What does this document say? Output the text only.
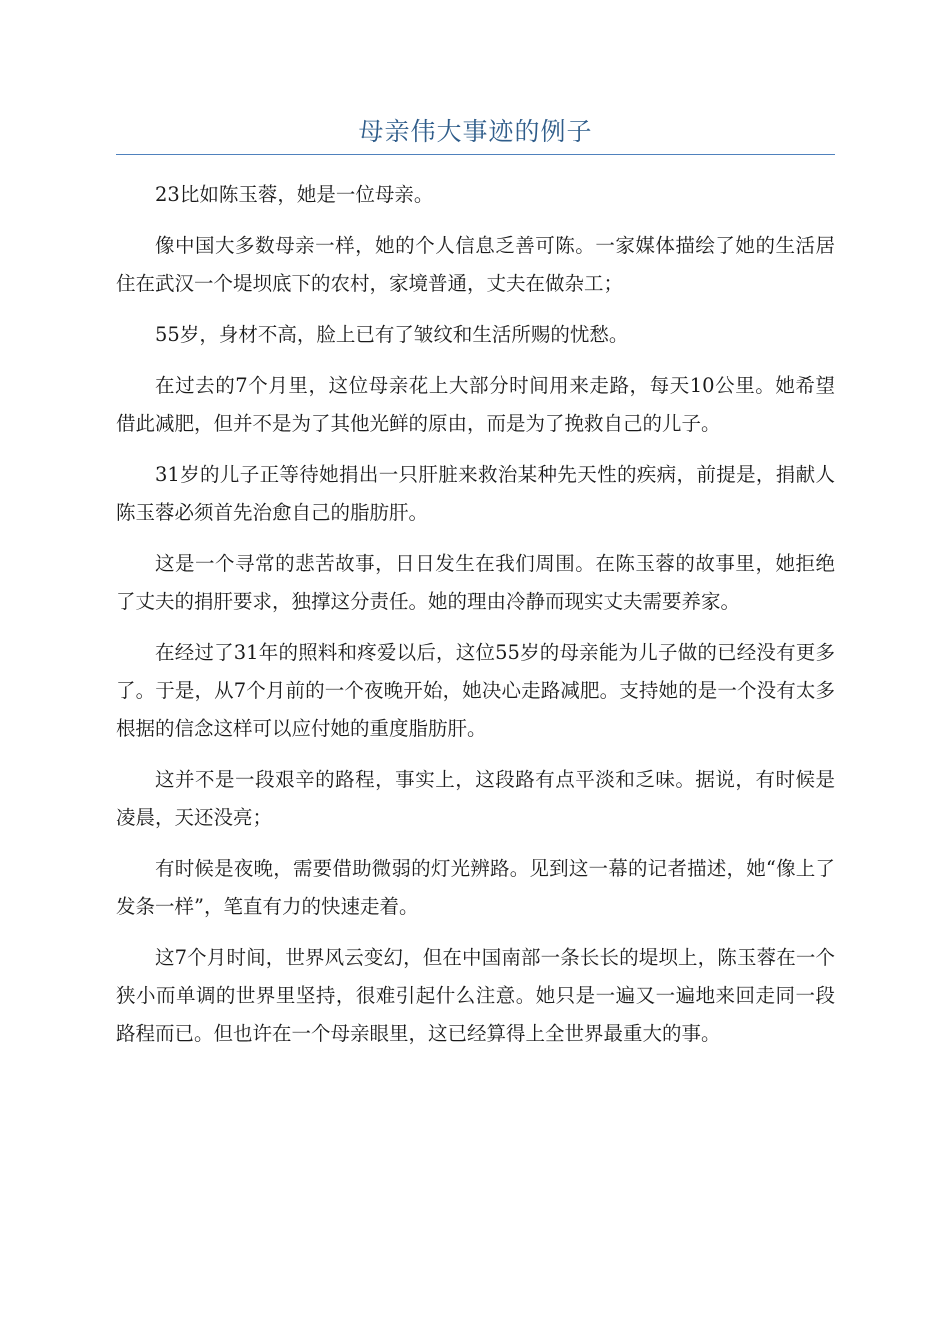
母亲伟大事迹的例子

23比如陈玉蓉，她是一位母亲。

像中国大多数母亲一样，她的个人信息乏善可陈。一家媒体描绘了她的生活居住在武汉一个堤坝底下的农村，家境普通，丈夫在做杂工；

55岁，身材不高，脸上已有了皱纹和生活所赐的忧愁。

在过去的7个月里，这位母亲花上大部分时间用来走路，每天10公里。她希望借此减肥，但并不是为了其他光鲜的原由，而是为了挽救自己的儿子。

31岁的儿子正等待她捐出一只肝脏来救治某种先天性的疾病，前提是，捐献人陈玉蓉必须首先治愈自己的脂肪肝。

这是一个寻常的悲苦故事，日日发生在我们周围。在陈玉蓉的故事里，她拒绝了丈夫的捐肝要求，独撑这分责任。她的理由冷静而现实丈夫需要养家。

在经过了31年的照料和疼爱以后，这位55岁的母亲能为儿子做的已经没有更多了。于是，从7个月前的一个夜晚开始，她决心走路减肥。支持她的是一个没有太多根据的信念这样可以应付她的重度脂肪肝。

这并不是一段艰辛的路程，事实上，这段路有点平淡和乏味。据说，有时候是凌晨，天还没亮；

有时候是夜晚，需要借助微弱的灯光辨路。见到这一幕的记者描述，她“像上了发条一样”，笔直有力的快速走着。

这7个月时间，世界风云变幻，但在中国南部一条长长的堤坝上，陈玉蓉在一个狭小而单调的世界里坚持，很难引起什么注意。她只是一遍又一遍地来回走同一段路程而已。但也许在一个母亲眼里，这已经算得上全世界最重大的事。
